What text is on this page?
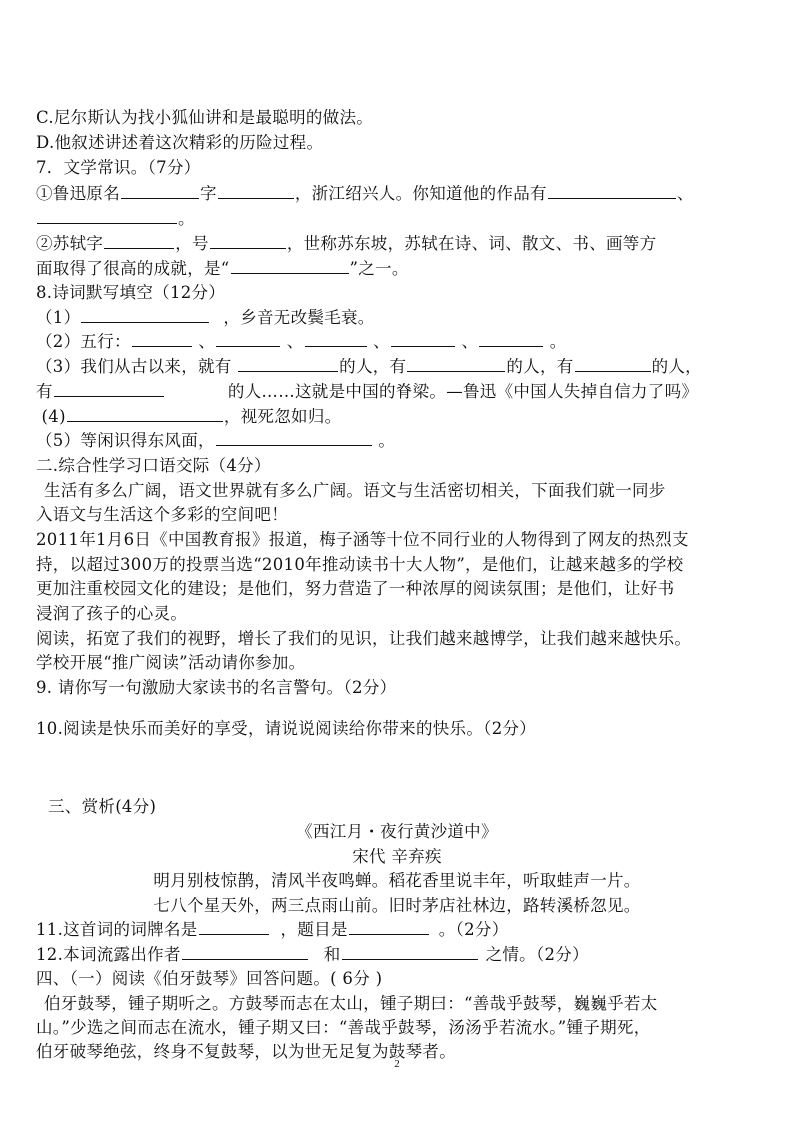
C.尼尔斯认为找小狐仙讲和是最聪明的做法。
D.他叙述讲述着这次精彩的历险过程。
7．文学常识。（7分）
①鲁迅原名	字	，浙江绍兴人。你知道他的作品有	、
。
②苏轼字	，号	，世称苏东坡，苏轼在诗、词、散文、书、画等方
面取得了很高的成就，是“	”之一。
8.诗词默写填空（12分）
（1）	，乡音无改鬓毛衰。
（2）五行：	、	、	、	、	。
（3）我们从古以来，就有	的人，有	的人，有	的人，
有	的人……这就是中国的脊梁。—鲁迅《中国人失掉自信力了吗》
(4)	，视死忽如归。
（5）等闲识得东风面，	。
二.综合性学习口语交际（4分）
生活有多么广阔，语文世界就有多么广阔。语文与生活密切相关，下面我们就一同步
入语文与生活这个多彩的空间吧！
2011年1月6日《中国教育报》报道，梅子涵等十位不同行业的人物得到了网友的热烈支
持，以超过300万的投票当选“2010年推动读书十大人物”，是他们，让越来越多的学校
更加注重校园文化的建设；是他们，努力营造了一种浓厚的阅读氛围；是他们，让好书
浸润了孩子的心灵。
阅读，拓宽了我们的视野，增长了我们的见识，让我们越来越博学，让我们越来越快乐。
学校开展“推广阅读”活动请你参加。
9. 请你写一句激励大家读书的名言警句。（2分）
10.阅读是快乐而美好的享受，请说说阅读给你带来的快乐。（2分）
三、赏析(4分)
《西江月・夜行黄沙道中》
宋代 辛弃疾
明月别枝惊鹊，清风半夜鸣蝉。稻花香里说丰年，听取蛙声一片。
七八个星天外，两三点雨山前。旧时茅店社林边，路转溪桥忽见。
11.这首词的词牌名是	，题目是	。（2分）
12.本词流露出作者	和	之情。（2分）
四、（一）阅读《伯牙鼓琴》回答问题。( 6分 )
伯牙鼓琴，锺子期听之。方鼓琴而志在太山，锺子期曰：“善哉乎鼓琴，巍巍乎若太
山。”少选之间而志在流水，锺子期又曰：“善哉乎鼓琴，汤汤乎若流水。”锺子期死，
伯牙破琴绝弦，终身不复鼓琴，以为世无足复为鼓琴者。
2
